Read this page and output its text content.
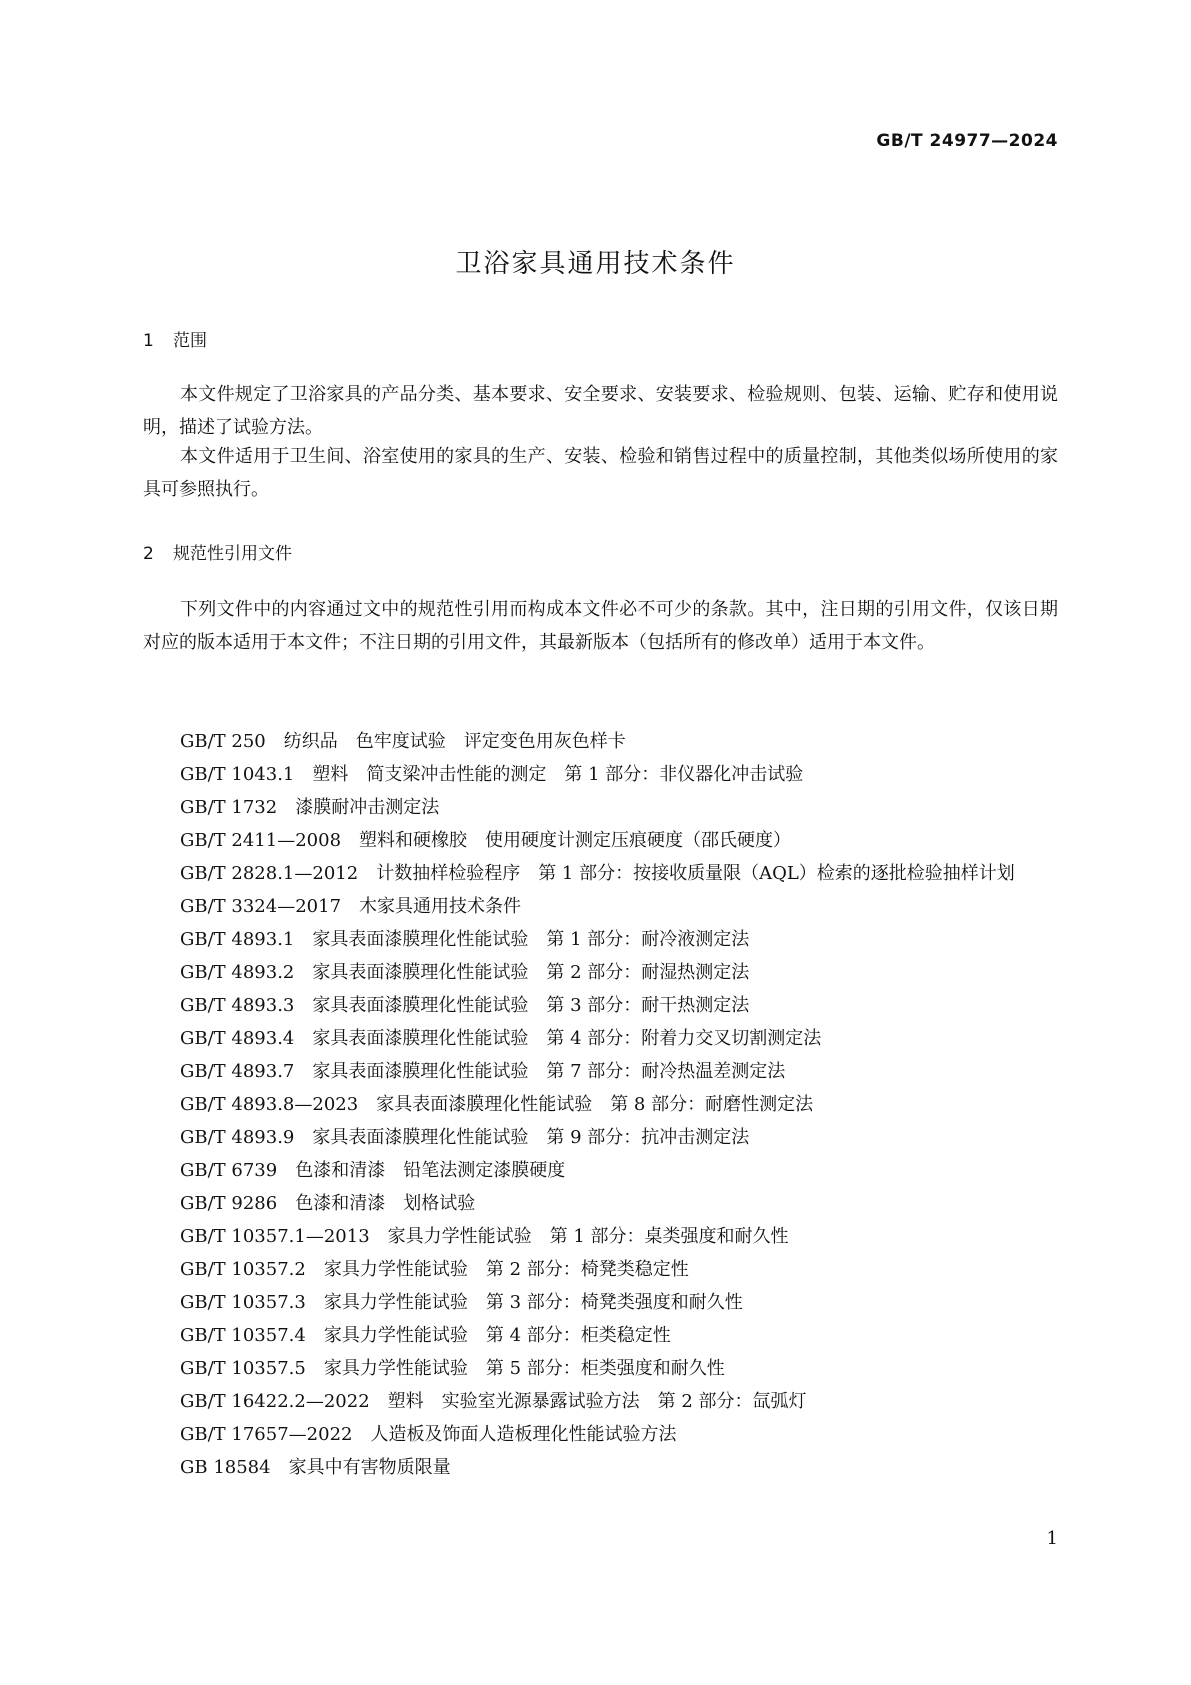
GB/T 24977—2024
卫浴家具通用技术条件
1 范围

本文件规定了卫浴家具的产品分类、基本要求、安全要求、安装要求、检验规则、包装、运输、贮存和使用说明，描述了试验方法。

本文件适用于卫生间、浴室使用的家具的生产、安装、检验和销售过程中的质量控制，其他类似场所使用的家具可参照执行。

2 规范性引用文件

下列文件中的内容通过文中的规范性引用而构成本文件必不可少的条款。其中，注日期的引用文件，仅该日期对应的版本适用于本文件；不注日期的引用文件，其最新版本（包括所有的修改单）适用于本文件。

GB/T 250 纺织品　色牢度试验　评定变色用灰色样卡
GB/T 1043.1 塑料　简支梁冲击性能的测定　第 1 部分：非仪器化冲击试验
GB/T 1732 漆膜耐冲击测定法
GB/T 2411—2008 塑料和硬橡胶　使用硬度计测定压痕硬度（邵氏硬度）
GB/T 2828.1—2012 计数抽样检验程序　第 1 部分：按接收质量限（AQL）检索的逐批检验抽样计划
GB/T 3324—2017 木家具通用技术条件
GB/T 4893.1 家具表面漆膜理化性能试验　第 1 部分：耐冷液测定法
GB/T 4893.2 家具表面漆膜理化性能试验　第 2 部分：耐湿热测定法
GB/T 4893.3 家具表面漆膜理化性能试验　第 3 部分：耐干热测定法
GB/T 4893.4 家具表面漆膜理化性能试验　第 4 部分：附着力交叉切割测定法
GB/T 4893.7 家具表面漆膜理化性能试验　第 7 部分：耐冷热温差测定法
GB/T 4893.8—2023 家具表面漆膜理化性能试验　第 8 部分：耐磨性测定法
GB/T 4893.9 家具表面漆膜理化性能试验　第 9 部分：抗冲击测定法
GB/T 6739 色漆和清漆　铅笔法测定漆膜硬度
GB/T 9286 色漆和清漆　划格试验
GB/T 10357.1—2013 家具力学性能试验　第 1 部分：桌类强度和耐久性
GB/T 10357.2 家具力学性能试验　第 2 部分：椅凳类稳定性
GB/T 10357.3 家具力学性能试验　第 3 部分：椅凳类强度和耐久性
GB/T 10357.4 家具力学性能试验　第 4 部分：柜类稳定性
GB/T 10357.5 家具力学性能试验　第 5 部分：柜类强度和耐久性
GB/T 16422.2—2022 塑料　实验室光源暴露试验方法　第 2 部分：氙弧灯
GB/T 17657—2022 人造板及饰面人造板理化性能试验方法
GB 18584 家具中有害物质限量
1
